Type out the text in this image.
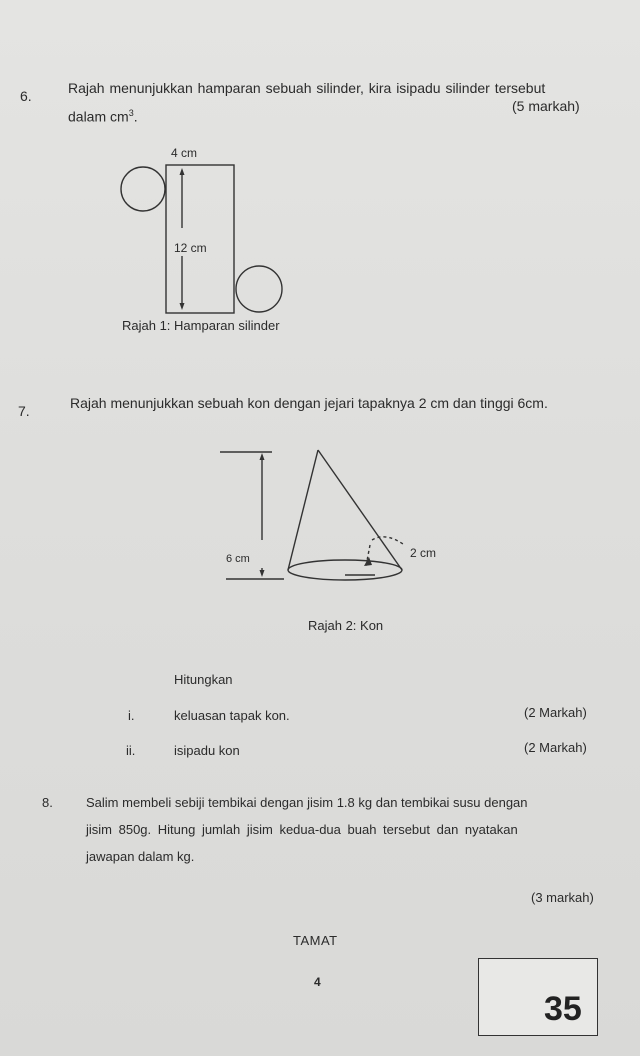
6.	Rajah menunjukkan hamparan sebuah silinder, kira isipadu silinder tersebut
dalam $cm^3$.
(5 markah)
4 cm
12 cm
Rajah 1: Hamparan silinder
7.	Rajah menunjukkan sebuah kon dengan jejari tapaknya 2 cm dan tinggi 6cm.
6 cm	2 cm
Rajah 2: Kon
Hitungkan
i.	keluasan tapak kon.	(2 Markah)
ii.	isipadu kon	(2 Markah)
8.	Salim membeli sebiji tembikai dengan jisim 1.8 kg dan tembikai susu dengan
jisim 850g. Hitung jumlah jisim kedua-dua buah tersebut dan nyatakan
jawapan dalam kg.
(3 markah)
TAMAT
4
35
